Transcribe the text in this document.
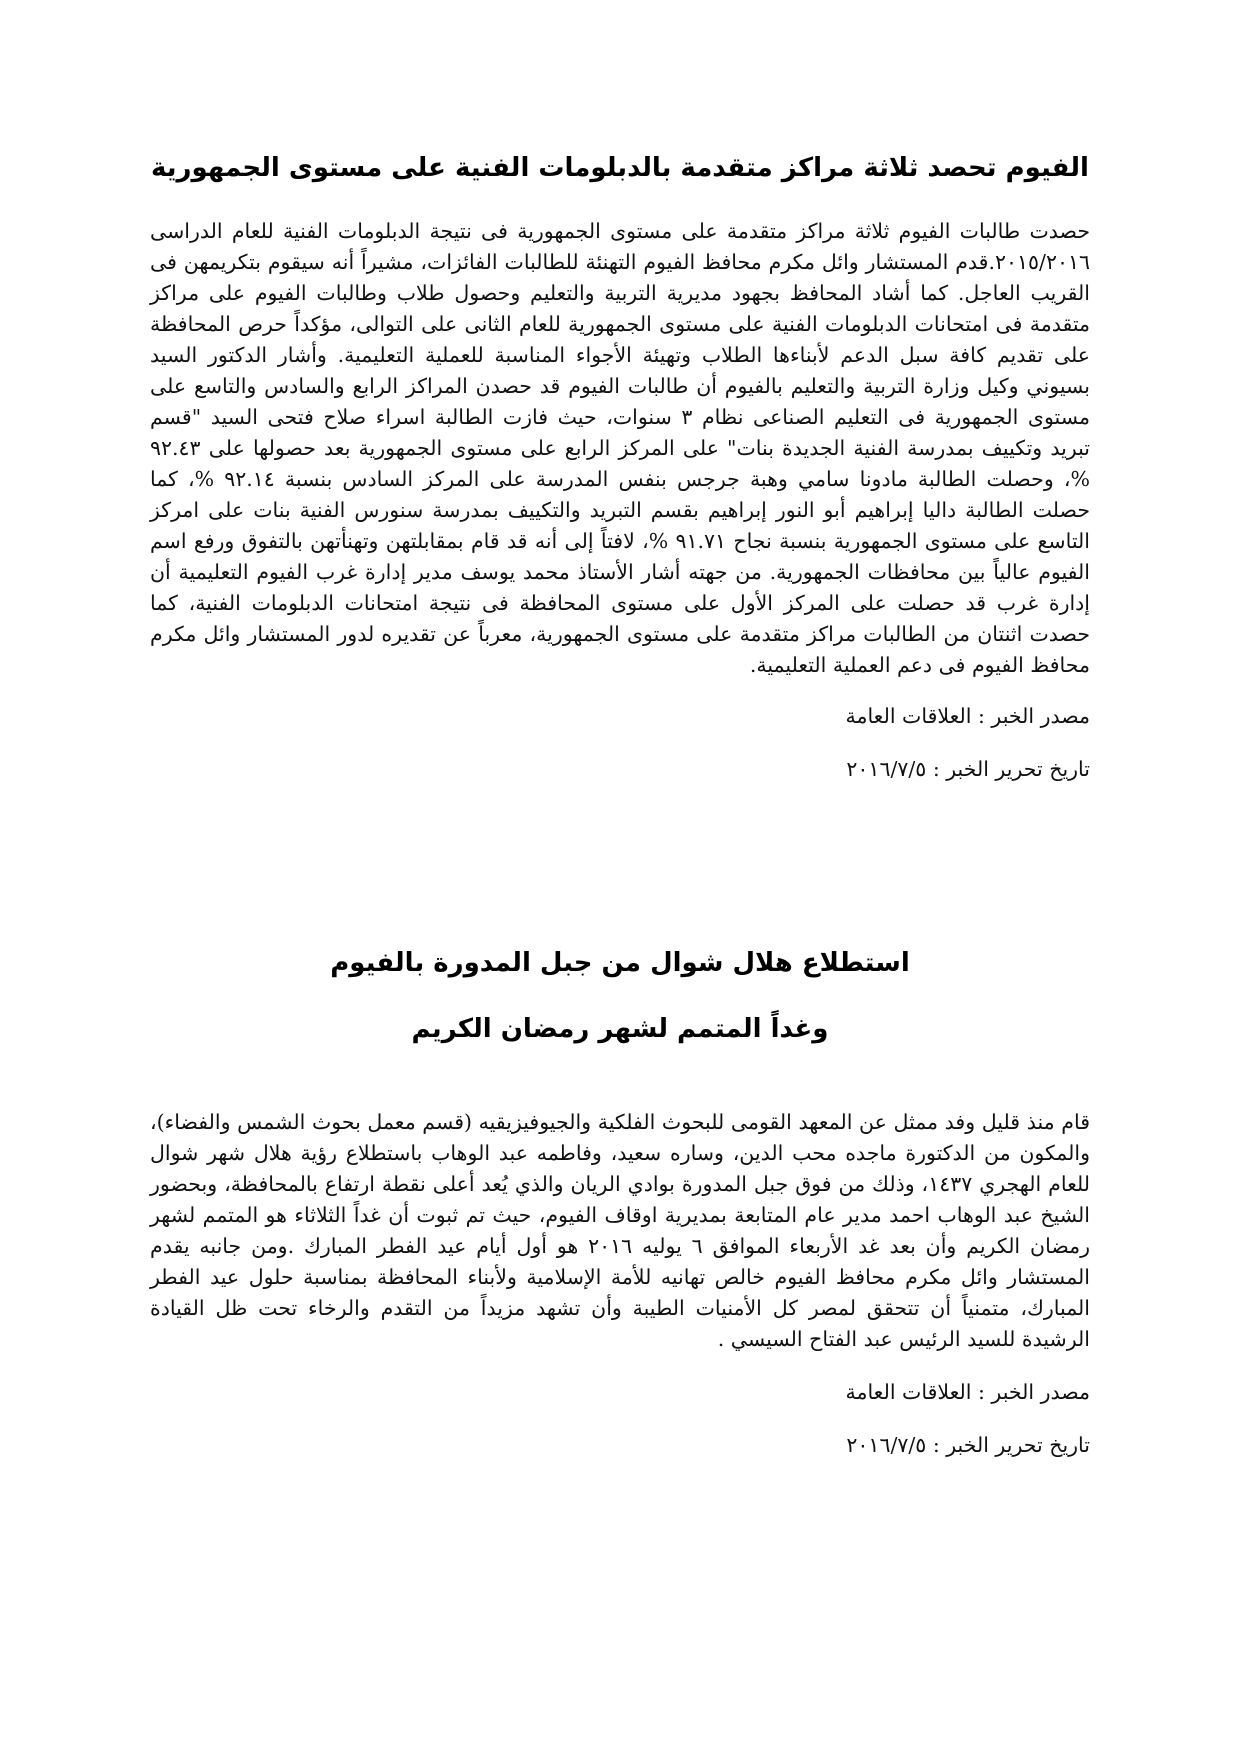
الفيوم تحصد ثلاثة مراكز متقدمة بالدبلومات الفنية على مستوى الجمهورية

حصدت طالبات الفيوم ثلاثة مراكز متقدمة على مستوى الجمهورية فى نتيجة الدبلومات الفنية للعام الدراسى ٢٠١٥/٢٠١٦.قدم المستشار وائل مكرم محافظ الفيوم التهنئة للطالبات الفائزات، مشيراً أنه سيقوم بتكريمهن فى القريب العاجل. كما أشاد المحافظ بجهود مديرية التربية والتعليم وحصول طلاب وطالبات الفيوم على مراكز متقدمة فى امتحانات الدبلومات الفنية على مستوى الجمهورية للعام الثانى على التوالى، مؤكداً حرص المحافظة على تقديم كافة سبل الدعم لأبناءها الطلاب وتهيئة الأجواء المناسبة للعملية التعليمية. وأشار الدكتور السيد بسيوني وكيل وزارة التربية والتعليم بالفيوم أن طالبات الفيوم قد حصدن المراكز الرابع والسادس والتاسع على مستوى الجمهورية فى التعليم الصناعى نظام ٣ سنوات، حيث فازت الطالبة اسراء صلاح فتحى السيد "قسم تبريد وتكييف بمدرسة الفنية الجديدة بنات" على المركز الرابع على مستوى الجمهورية بعد حصولها على ٩٢.٤٣ %، وحصلت الطالبة مادونا سامي وهبة جرجس بنفس المدرسة على المركز السادس بنسبة ٩٢.١٤ %، كما حصلت الطالبة داليا إبراهيم أبو النور إبراهيم بقسم التبريد والتكييف بمدرسة سنورس الفنية بنات على امركز التاسع على مستوى الجمهورية بنسبة نجاح ٩١.٧١ %، لافتاً إلى أنه قد قام بمقابلتهن وتهنأتهن بالتفوق ورفع اسم الفيوم عالياً بين محافظات الجمهورية. من جهته أشار الأستاذ محمد يوسف مدير إدارة غرب الفيوم التعليمية أن إدارة غرب قد حصلت على المركز الأول على مستوى المحافظة فى نتيجة امتحانات الدبلومات الفنية، كما حصدت اثنتان من الطالبات مراكز متقدمة على مستوى الجمهورية، معرباً عن تقديره لدور المستشار وائل مكرم محافظ الفيوم فى دعم العملية التعليمية.

مصدر الخبر : العلاقات العامة

تاريخ تحرير الخبر : ٢٠١٦/٧/٥

استطلاع هلال شوال من جبل المدورة بالفيوم
وغداً المتمم لشهر رمضان الكريم

قام منذ قليل وفد ممثل عن المعهد القومى للبحوث الفلكية والجيوفيزيقيه (قسم معمل بحوث الشمس والفضاء)، والمكون من الدكتورة ماجده محب الدين، وساره سعيد، وفاطمه عبد الوهاب باستطلاع رؤية هلال شهر شوال للعام الهجري ١٤٣٧، وذلك من فوق جبل المدورة بوادي الريان والذي يُعد أعلى نقطة ارتفاع بالمحافظة، وبحضور الشيخ عبد الوهاب احمد مدير عام المتابعة بمديرية اوقاف الفيوم، حيث تم ثبوت أن غداً الثلاثاء هو المتمم لشهر رمضان الكريم وأن بعد غد الأربعاء الموافق ٦ يوليه ٢٠١٦ هو أول أيام عيد الفطر المبارك .ومن جانبه يقدم المستشار وائل مكرم محافظ الفيوم خالص تهانيه للأمة الإسلامية ولأبناء المحافظة بمناسبة حلول عيد الفطر المبارك، متمنياً أن تتحقق لمصر كل الأمنيات الطيبة وأن تشهد مزيداً من التقدم والرخاء تحت ظل القيادة الرشيدة للسيد الرئيس عبد الفتاح السيسي .

مصدر الخبر : العلاقات العامة

تاريخ تحرير الخبر : ٢٠١٦/٧/٥
